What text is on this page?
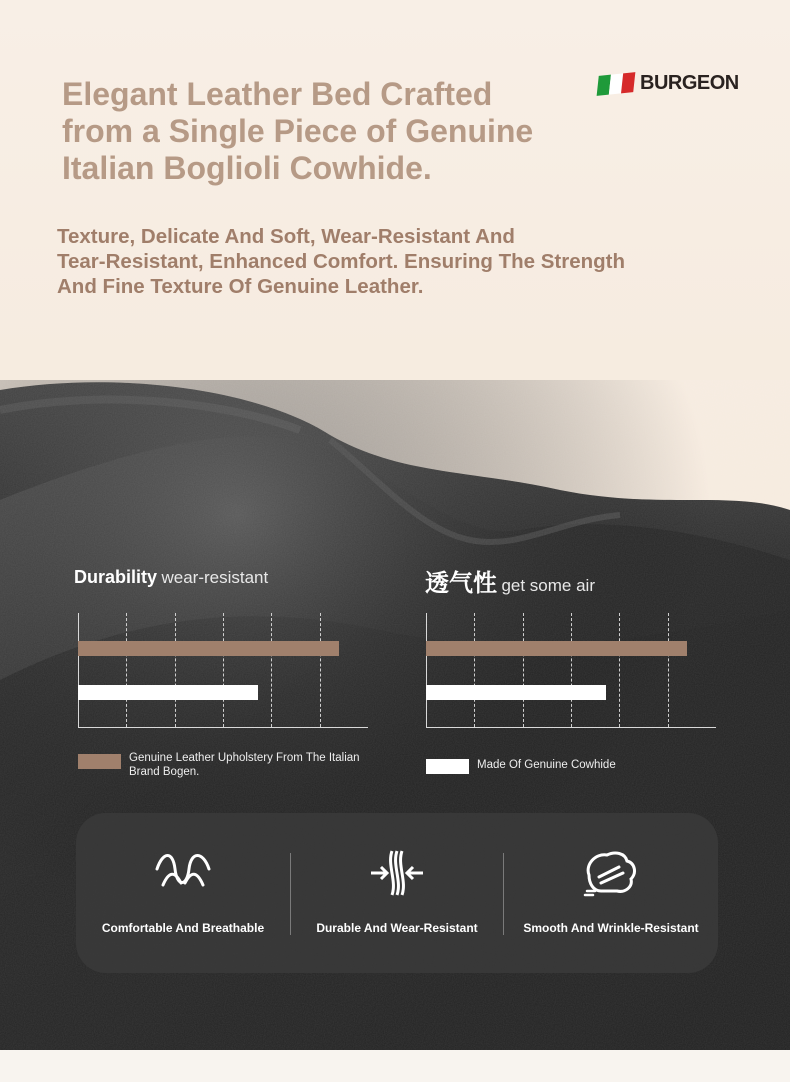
Elegant Leather Bed Crafted
from a Single Piece of Genuine
Italian Boglioli Cowhide.
BURGEON

Texture, Delicate And Soft, Wear-Resistant And
Tear-Resistant, Enhanced Comfort. Ensuring The Strength
And Fine Texture Of Genuine Leather.

Durability wear-resistant	透气性 get some air
Genuine Leather Upholstery From The Italian
Brand Bogen.
Made Of Genuine Cowhide
Comfortable And Breathable	Durable And Wear-Resistant	Smooth And Wrinkle-Resistant
